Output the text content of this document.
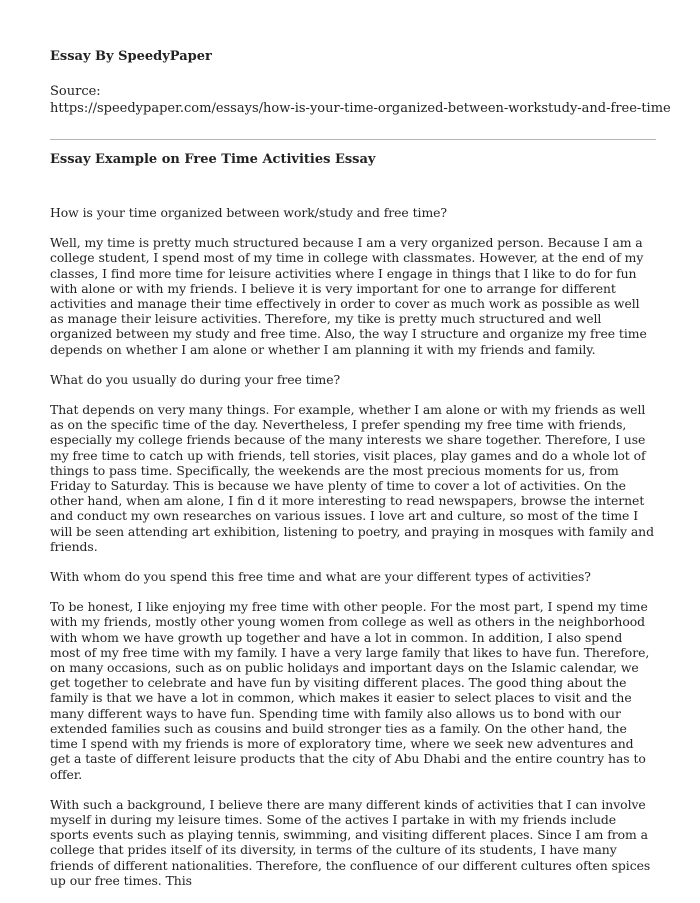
Essay By SpeedyPaper
Source:
https://speedypaper.com/essays/how-is-your-time-organized-between-workstudy-and-free-time
Essay Example on Free Time Activities Essay

How is your time organized between work/study and free time?

Well, my time is pretty much structured because I am a very organized person. Because I am a college student, I spend most of my time in college with classmates. However, at the end of my classes, I find more time for leisure activities where I engage in things that I like to do for fun with alone or with my friends. I believe it is very important for one to arrange for different activities and manage their time effectively in order to cover as much work as possible as well as manage their leisure activities. Therefore, my tike is pretty much structured and well organized between my study and free time. Also, the way I structure and organize my free time depends on whether I am alone or whether I am planning it with my friends and family.

What do you usually do during your free time?

That depends on very many things. For example, whether I am alone or with my friends as well as on the specific time of the day. Nevertheless, I prefer spending my free time with friends, especially my college friends because of the many interests we share together. Therefore, I use my free time to catch up with friends, tell stories, visit places, play games and do a whole lot of things to pass time. Specifically, the weekends are the most precious moments for us, from Friday to Saturday. This is because we have plenty of time to cover a lot of activities. On the other hand, when am alone, I fin d it more interesting to read newspapers, browse the internet and conduct my own researches on various issues. I love art and culture, so most of the time I will be seen attending art exhibition, listening to poetry, and praying in mosques with family and friends.

With whom do you spend this free time and what are your different types of activities?

To be honest, I like enjoying my free time with other people. For the most part, I spend my time with my friends, mostly other young women from college as well as others in the neighborhood with whom we have growth up together and have a lot in common. In addition, I also spend most of my free time with my family. I have a very large family that likes to have fun. Therefore, on many occasions, such as on public holidays and important days on the Islamic calendar, we get together to celebrate and have fun by visiting different places. The good thing about the family is that we have a lot in common, which makes it easier to select places to visit and the many different ways to have fun. Spending time with family also allows us to bond with our extended families such as cousins and build stronger ties as a family. On the other hand, the time I spend with my friends is more of exploratory time, where we seek new adventures and get a taste of different leisure products that the city of Abu Dhabi and the entire country has to offer.

With such a background, I believe there are many different kinds of activities that I can involve myself in during my leisure times. Some of the actives I partake in with my friends include sports events such as playing tennis, swimming, and visiting different places. Since I am from a college that prides itself of its diversity, in terms of the culture of its students, I have many friends of different nationalities. Therefore, the confluence of our different cultures often spices up our free times. This
